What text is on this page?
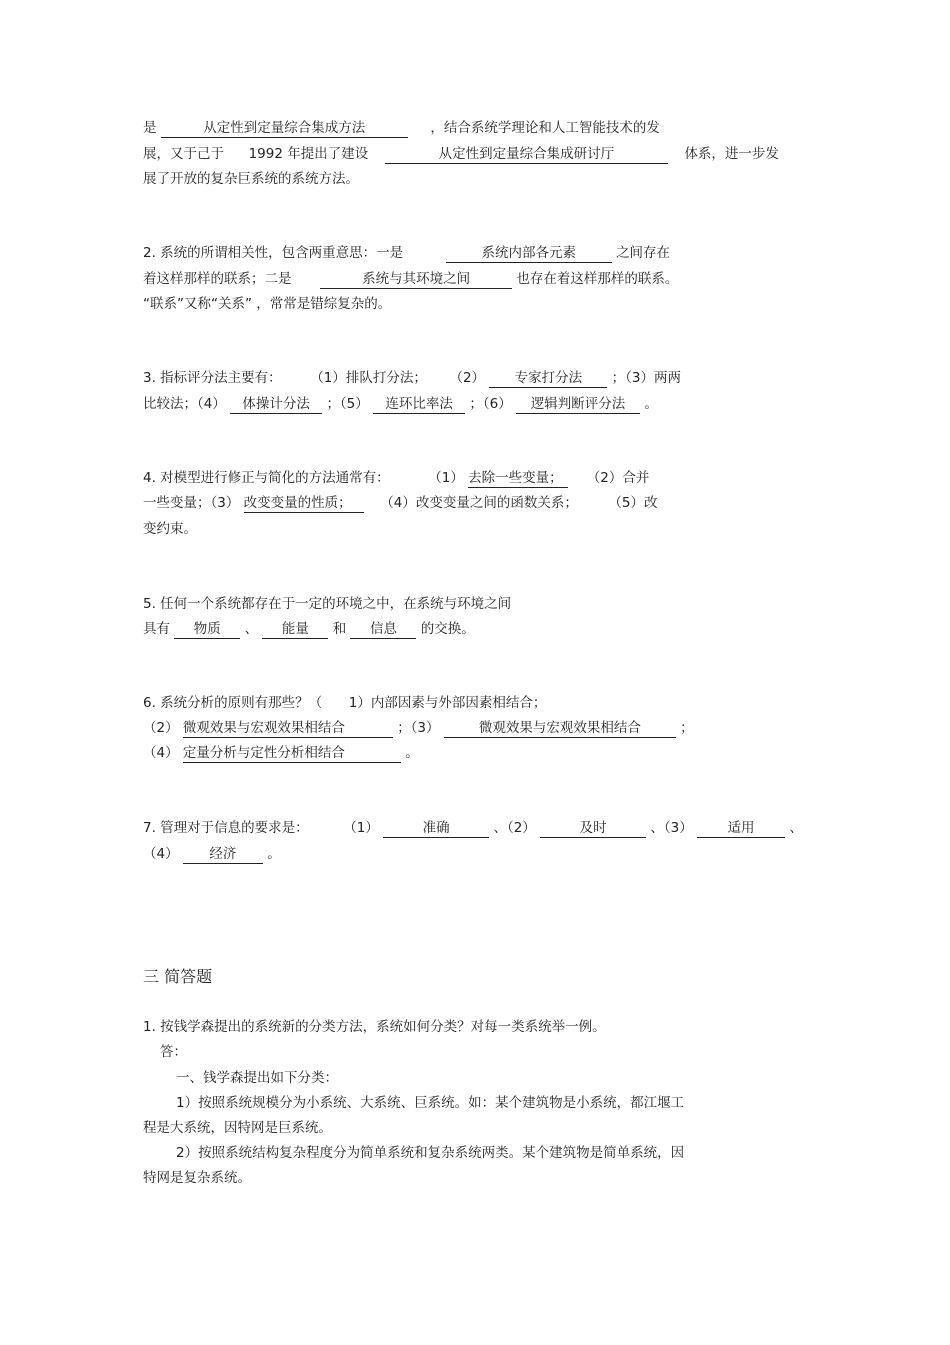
是	从定性到定量综合集成方法	，结合系统学理论和人工智能技术的发
展，又于己于 1992 年提出了建设	从定性到定量综合集成研讨厅	体系，进一步发
展了开放的复杂巨系统的系统方法。
2. 系统的所谓相关性，包含两重意思：一是	系统内部各元素	之间存在
着这样那样的联系；二是	系统与其环境之间	也存在着这样那样的联系。
“联系”又称“关系” ，常常是错综复杂的。
3. 指标评分法主要有： （1）排队打分法； （2） 专家打分法 ；（3）两两
比较法；（4） 体操计分法 ；（5） 连环比率法 ；（6） 逻辑判断评分法 。
4. 对模型进行修正与简化的方法通常有：	（1） 去除一些变量； （2）合并
一些变量；（3） 改变变量的性质； （4）改变变量之间的函数关系； （5）改
变约束。
5. 任何一个系统都存在于一定的环境之中，在系统与环境之间
具有 物质 、 能量 和 信息 的交换。
6. 系统分析的原则有那些？（ 1）内部因素与外部因素相结合；
（2） 微观效果与宏观效果相结合	；（3）	微观效果与宏观效果相结合	；
（4） 定量分析与定性分析相结合	。
7. 管理对于信息的要求是：	（1）	准确	、（2）	及时	、（3）	适用	、
（4） 经济 。
三 简答题
1. 按钱学森提出的系统新的分类方法，系统如何分类？对每一类系统举一例。
答：
一、钱学森提出如下分类：
1）按照系统规模分为小系统、大系统、巨系统。如：某个建筑物是小系统，都江堰工
程是大系统，因特网是巨系统。
2）按照系统结构复杂程度分为简单系统和复杂系统两类。某个建筑物是简单系统，因
特网是复杂系统。
